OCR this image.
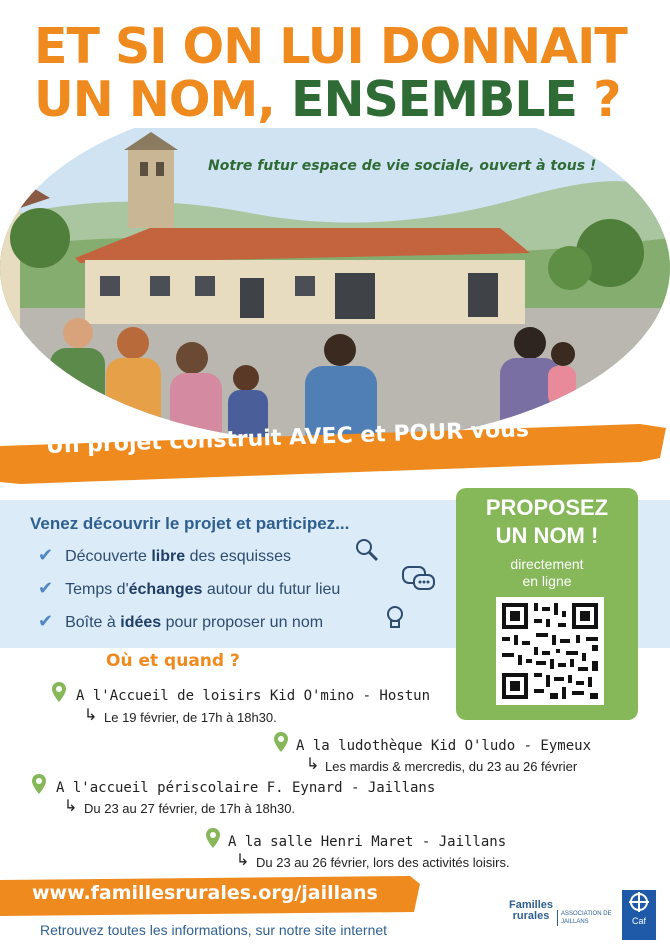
ET SI ON LUI DONNAIT
UN NOM, ENSEMBLE ?
Notre futur espace de vie sociale, ouvert à tous !
Un projet construit AVEC et POUR vous
Venez découvrir le projet et participez...
✔ Découverte libre des esquisses
✔ Temps d'échanges autour du futur lieu
✔ Boîte à idées pour proposer un nom
PROPOSEZ
UN NOM !
directement
en ligne
Où et quand ?
A l'Accueil de loisirs Kid O'mino - Hostun
↳ Le 19 février, de 17h à 18h30.
A la ludothèque Kid O'ludo - Eymeux
↳ Les mardis & mercredis, du 23 au 26 février
A l'accueil périscolaire F. Eynard - Jaillans
↳ Du 23 au 27 février, de 17h à 18h30.
A la salle Henri Maret - Jaillans
↳ Du 23 au 26 février, lors des activités loisirs.
www.famillesrurales.org/jaillans
Retrouvez toutes les informations, sur notre site internet
Familles
rurales	ASSOCIATION DE JAILLANS	Caf
